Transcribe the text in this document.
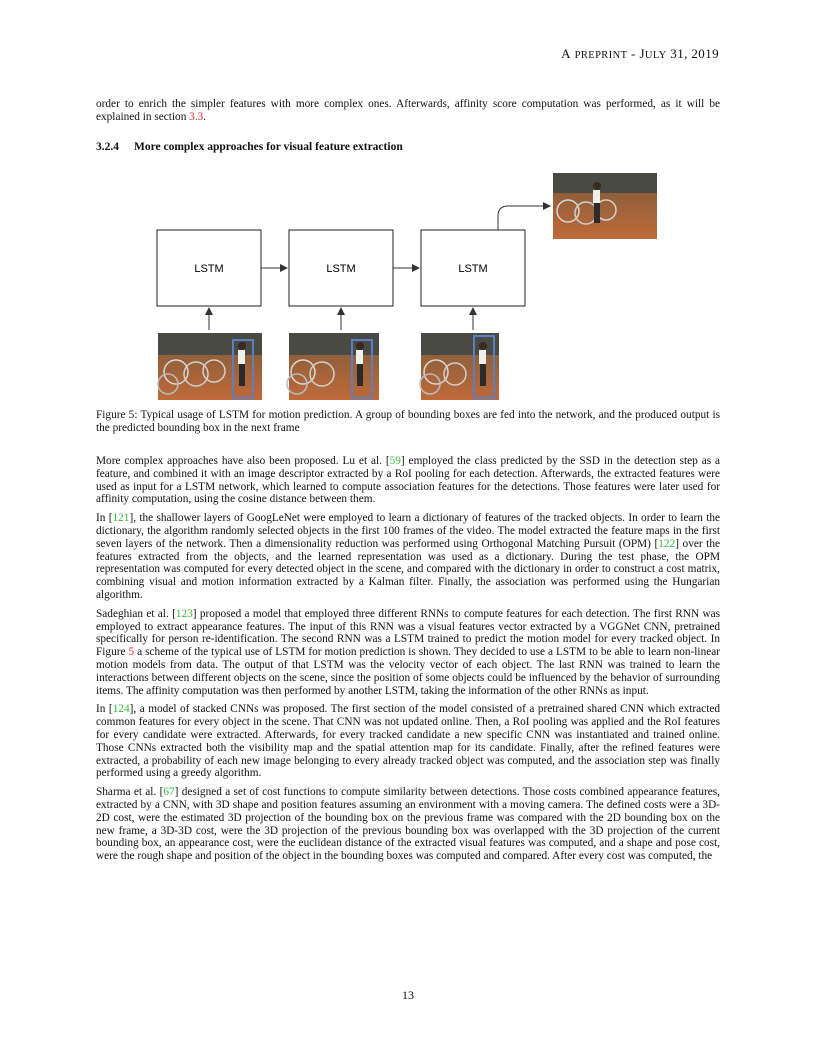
A PREPRINT - JULY 31, 2019

order to enrich the simpler features with more complex ones. Afterwards, affinity score computation was performed, as it will be explained in section 3.3.

3.2.4 More complex approaches for visual feature extraction
LSTM	LSTM	LSTM
Figure 5: Typical usage of LSTM for motion prediction. A group of bounding boxes are fed into the network, and the produced output is the predicted bounding box in the next frame

More complex approaches have also been proposed. Lu et al. [59] employed the class predicted by the SSD in the detection step as a feature, and combined it with an image descriptor extracted by a RoI pooling for each detection. Afterwards, the extracted features were used as input for a LSTM network, which learned to compute association features for the detections. Those features were later used for affinity computation, using the cosine distance between them.

In [121], the shallower layers of GoogLeNet were employed to learn a dictionary of features of the tracked objects. In order to learn the dictionary, the algorithm randomly selected objects in the first 100 frames of the video. The model extracted the feature maps in the first seven layers of the network. Then a dimensionality reduction was performed using Orthogonal Matching Pursuit (OPM) [122] over the features extracted from the objects, and the learned representation was used as a dictionary. During the test phase, the OPM representation was computed for every detected object in the scene, and compared with the dictionary in order to construct a cost matrix, combining visual and motion information extracted by a Kalman filter. Finally, the association was performed using the Hungarian algorithm.

Sadeghian et al. [123] proposed a model that employed three different RNNs to compute features for each detection. The first RNN was employed to extract appearance features. The input of this RNN was a visual features vector extracted by a VGGNet CNN, pretrained specifically for person re-identification. The second RNN was a LSTM trained to predict the motion model for every tracked object. In Figure 5 a scheme of the typical use of LSTM for motion prediction is shown. They decided to use a LSTM to be able to learn non-linear motion models from data. The output of that LSTM was the velocity vector of each object. The last RNN was trained to learn the interactions between different objects on the scene, since the position of some objects could be influenced by the behavior of surrounding items. The affinity computation was then performed by another LSTM, taking the information of the other RNNs as input.

In [124], a model of stacked CNNs was proposed. The first section of the model consisted of a pretrained shared CNN which extracted common features for every object in the scene. That CNN was not updated online. Then, a RoI pooling was applied and the RoI features for every candidate were extracted. Afterwards, for every tracked candidate a new specific CNN was instantiated and trained online. Those CNNs extracted both the visibility map and the spatial attention map for its candidate. Finally, after the refined features were extracted, a probability of each new image belonging to every already tracked object was computed, and the association step was finally performed using a greedy algorithm.

Sharma et al. [67] designed a set of cost functions to compute similarity between detections. Those costs combined appearance features, extracted by a CNN, with 3D shape and position features assuming an environment with a moving camera. The defined costs were a 3D-2D cost, were the estimated 3D projection of the bounding box on the previous frame was compared with the 2D bounding box on the new frame, a 3D-3D cost, were the 3D projection of the previous bounding box was overlapped with the 3D projection of the current bounding box, an appearance cost, were the euclidean distance of the extracted visual features was computed, and a shape and pose cost, were the rough shape and position of the object in the bounding boxes was computed and compared. After every cost was computed, the

13
